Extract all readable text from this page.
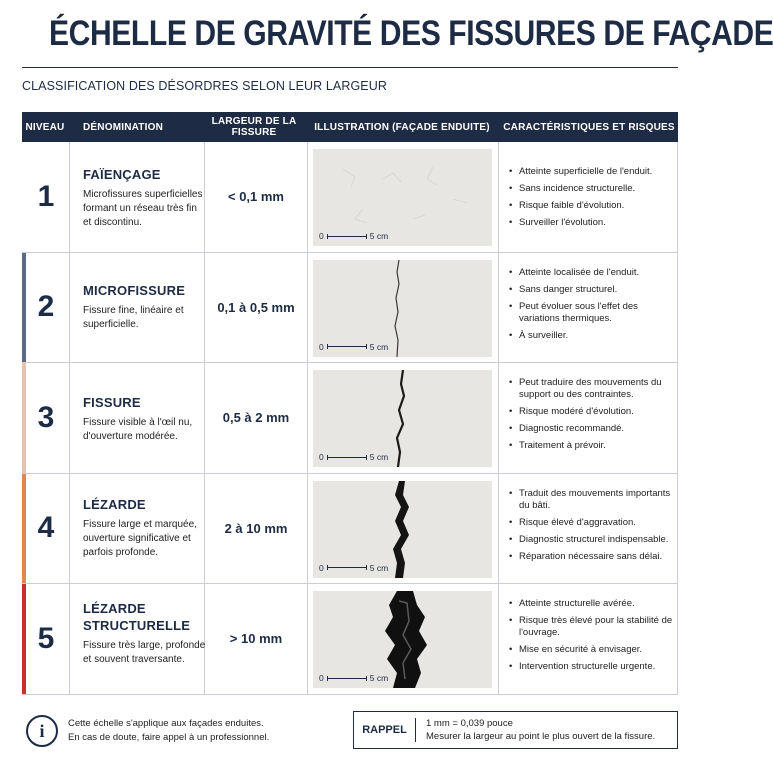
ÉCHELLE DE GRAVITÉ DES FISSURES DE FAÇADE
CLASSIFICATION DES DÉSORDRES SELON LEUR LARGEUR
NIVEAU	DÉNOMINATION	LARGEUR DE LA FISSURE	ILLUSTRATION (FAÇADE ENDUITE)	CARACTÉRISTIQUES ET RISQUES
1
FAÏENÇAGE
Microfissures superficielles formant un réseau très fin et discontinu.
< 0,1 mm
0	5 cm
• Atteinte superficielle de l'enduit.
• Sans incidence structurelle.
• Risque faible d'évolution.
• Surveiller l'évolution.
2
MICROFISSURE
Fissure fine, linéaire et superficielle.
0,1 à 0,5 mm
0	5 cm
• Atteinte localisée de l'enduit.
• Sans danger structurel.
• Peut évoluer sous l'effet des variations thermiques.
• À surveiller.
3	FISSURE
Fissure visible à l'œil nu, d'ouverture modérée.
0,5 à 2 mm
0	5 cm
• Peut traduire des mouvements du support ou des contraintes.
• Risque modéré d'évolution.
• Diagnostic recommandé.
• Traitement à prévoir.
4
LÉZARDE
Fissure large et marquée, ouverture significative et parfois profonde.
2 à 10 mm
0	5 cm
• Traduit des mouvements importants du bâti.
• Risque élevé d'aggravation.
• Diagnostic structurel indispensable.
• Réparation nécessaire sans délai.
5
LÉZARDE STRUCTURELLE
Fissure très large, profonde et souvent traversante.
> 10 mm
0	5 cm
• Atteinte structurelle avérée.
• Risque très élevé pour la stabilité de l'ouvrage.
• Mise en sécurité à envisager.
• Intervention structurelle urgente.
i	Cette échelle s'applique aux façades enduites.
En cas de doute, faire appel à un professionnel.
RAPPEL
1 mm = 0,039 pouce
Mesurer la largeur au point le plus ouvert de la fissure.
